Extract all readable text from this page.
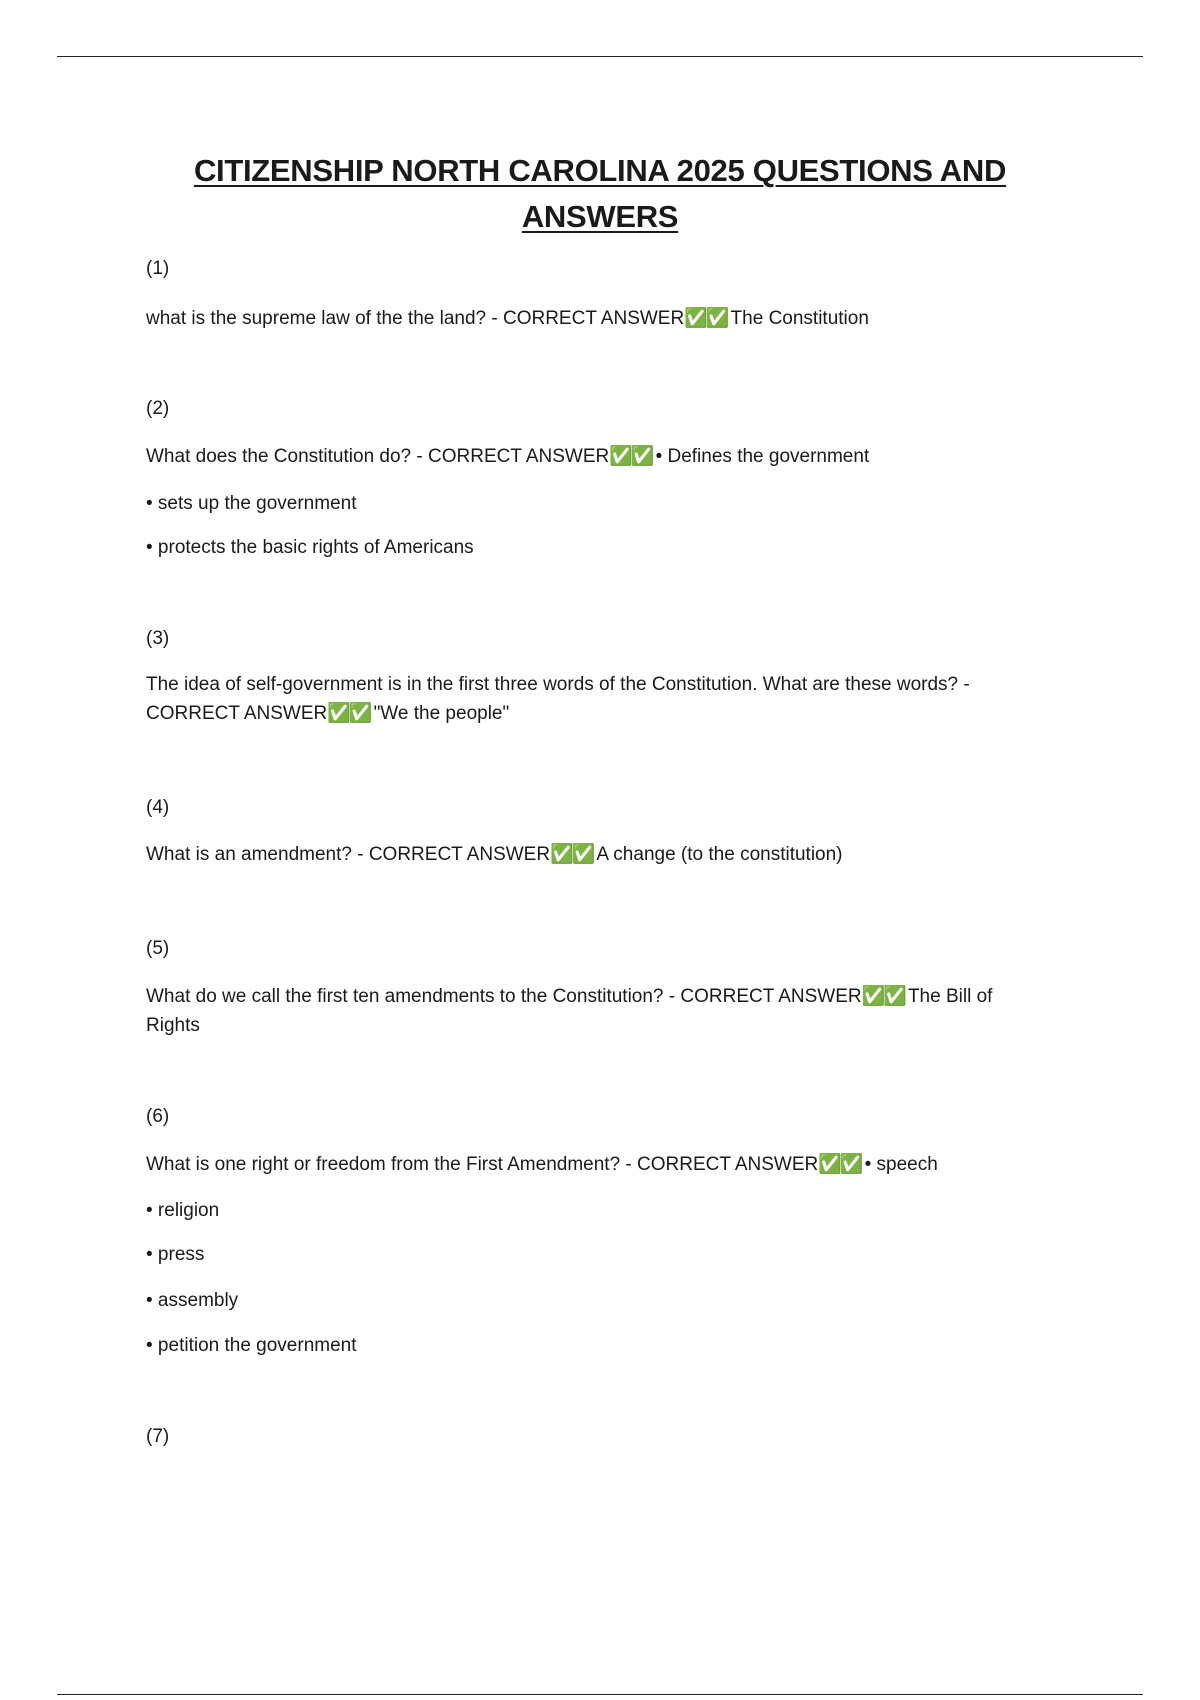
CITIZENSHIP NORTH CAROLINA 2025 QUESTIONS AND ANSWERS
(1)
what is the supreme law of the the land? - CORRECT ANSWER✅✅ The Constitution
(2)
What does the Constitution do? - CORRECT ANSWER✅✅ • Defines the government
• sets up the government
• protects the basic rights of Americans
(3)
The idea of self-government is in the first three words of the Constitution. What are these words? - CORRECT ANSWER✅✅ "We the people"
(4)
What is an amendment? - CORRECT ANSWER✅✅ A change (to the constitution)
(5)
What do we call the first ten amendments to the Constitution? - CORRECT ANSWER✅✅ The Bill of Rights
(6)
What is one right or freedom from the First Amendment? - CORRECT ANSWER✅✅ • speech
• religion
• press
• assembly
• petition the government
(7)
